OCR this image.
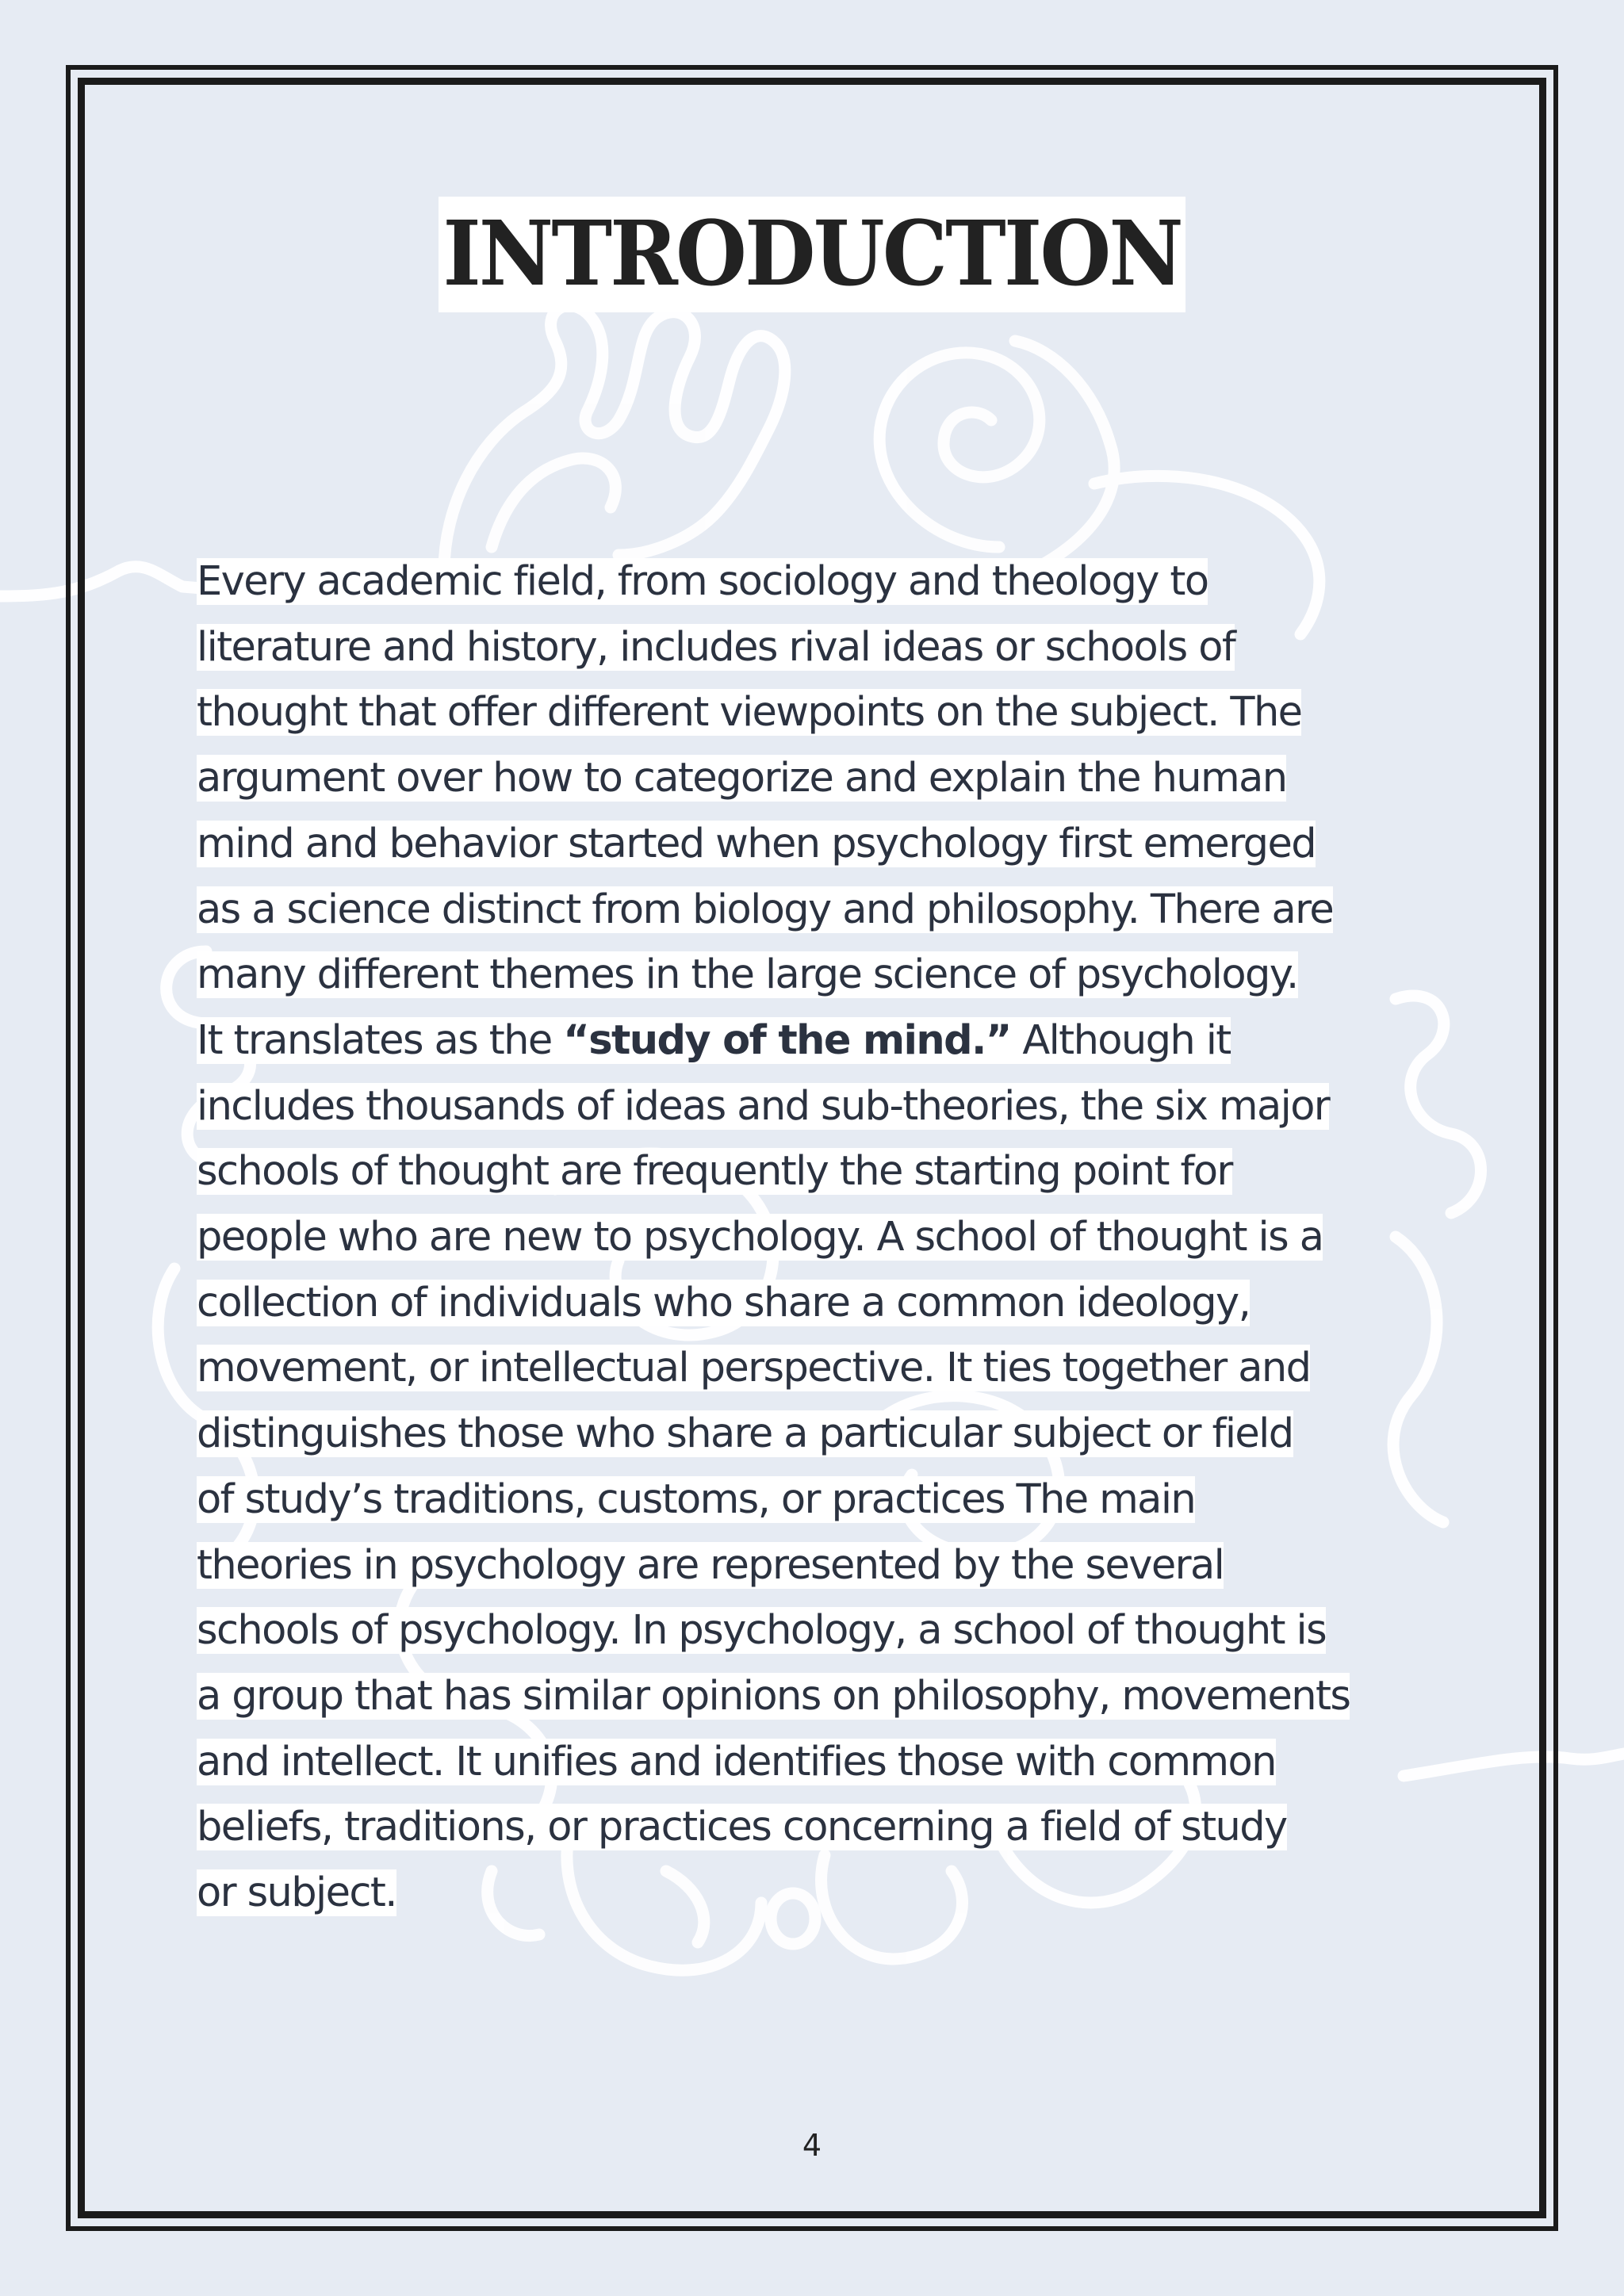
INTRODUCTION
Every academic field, from sociology and theology to
literature and history, includes rival ideas or schools of
thought that offer different viewpoints on the subject. The
argument over how to categorize and explain the human
mind and behavior started when psychology first emerged
as a science distinct from biology and philosophy. There are
many different themes in the large science of psychology.
It translates as the “study of the mind.” Although it
includes thousands of ideas and sub-theories, the six major
schools of thought are frequently the starting point for
people who are new to psychology. A school of thought is a
collection of individuals who share a common ideology,
movement, or intellectual perspective. It ties together and
distinguishes those who share a particular subject or field
of study’s traditions, customs, or practices The main
theories in psychology are represented by the several
schools of psychology. In psychology, a school of thought is
a group that has similar opinions on philosophy, movements
and intellect. It unifies and identifies those with common
beliefs, traditions, or practices concerning a field of study
or subject.
4
